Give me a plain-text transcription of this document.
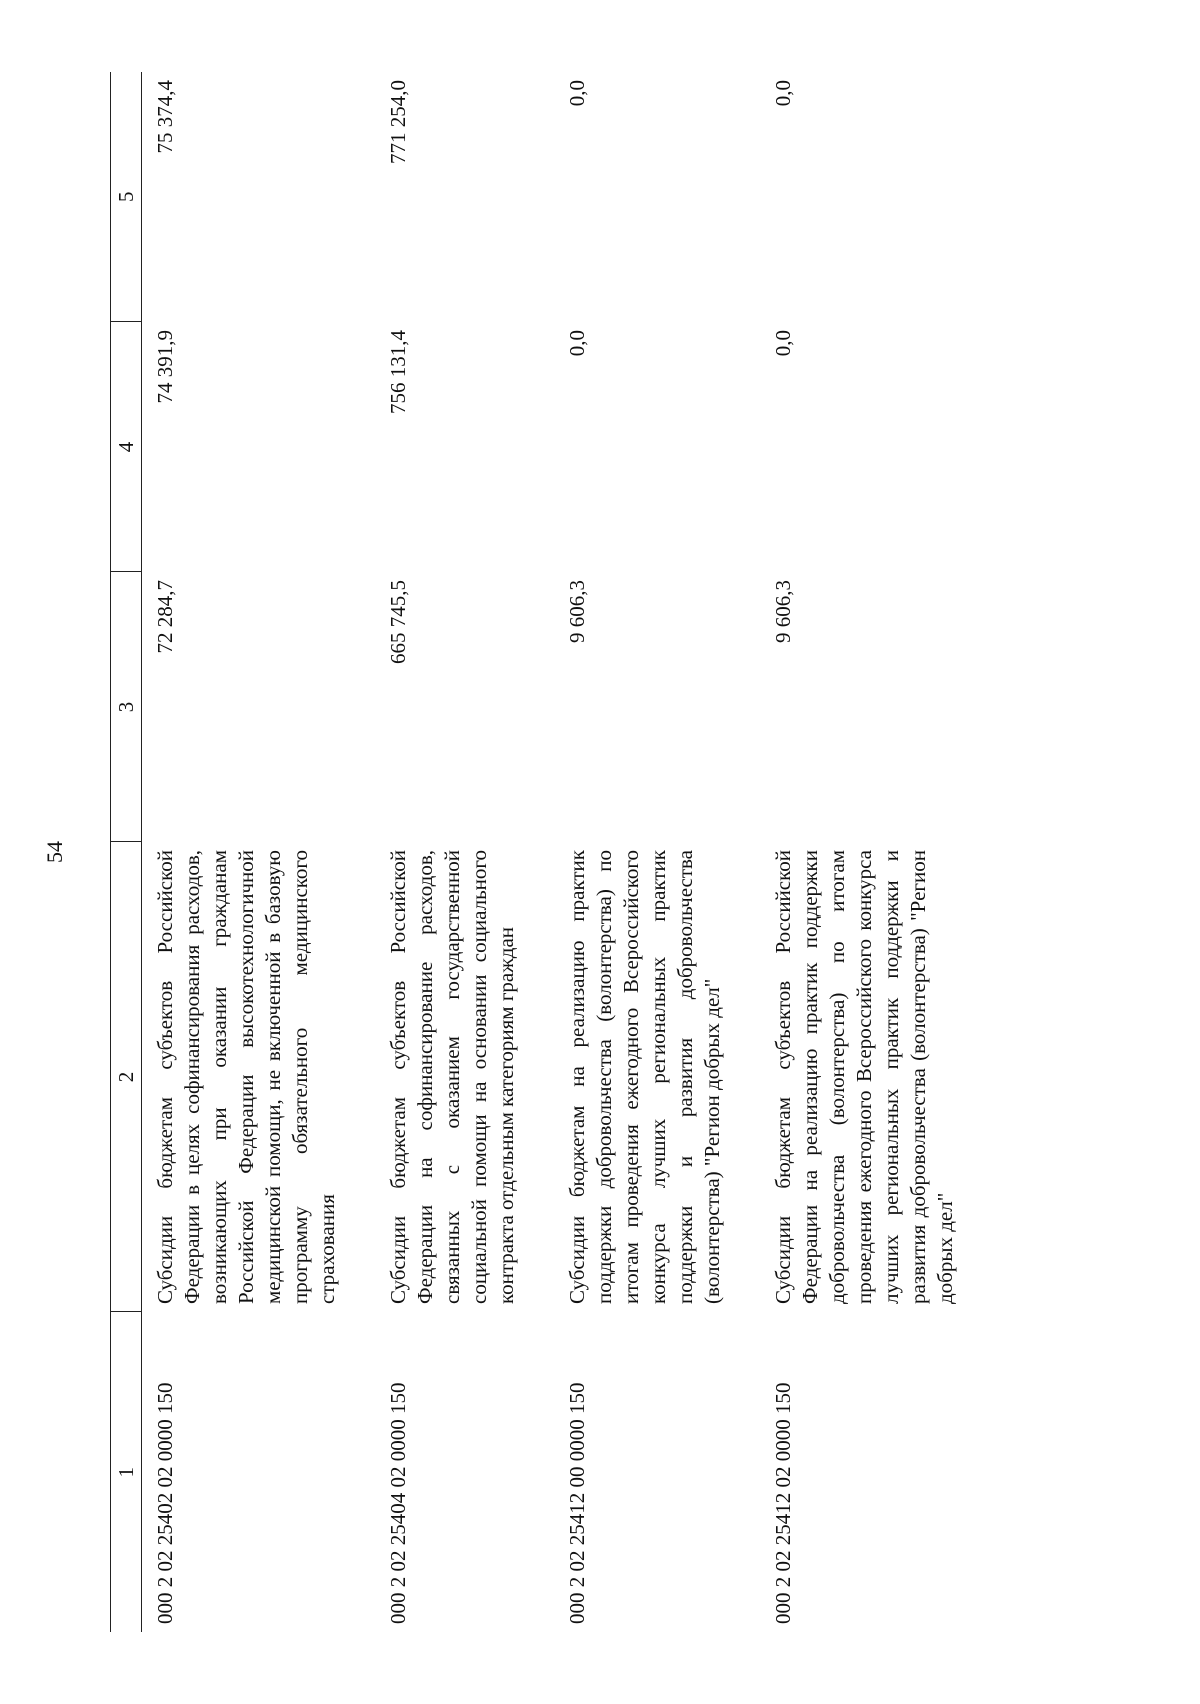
54
1	2	3	4	5
000 2 02 25402 02 0000 150	Субсидии бюджетам субъектов Российской Федерации в целях софинансирования расходов, возникающих при оказании гражданам Российской Федерации высокотехнологичной медицинской помощи, не включенной в базовую программу обязательного медицинского страхования	72 284,7	74 391,9	75 374,4
000 2 02 25404 02 0000 150	Субсидии бюджетам субъектов Российской Федерации на софинансирование расходов, связанных с оказанием государственной социальной помощи на основании социального контракта отдельным категориям граждан	665 745,5	756 131,4	771 254,0
000 2 02 25412 00 0000 150	Субсидии бюджетам на реализацию практик поддержки добровольчества (волонтерства) по итогам проведения ежегодного Всероссийского конкурса лучших региональных практик поддержки и развития добровольчества (волонтерства) "Регион добрых дел"	9 606,3	0,0	0,0
000 2 02 25412 02 0000 150	Субсидии бюджетам субъектов Российской Федерации на реализацию практик поддержки добровольчества (волонтерства) по итогам проведения ежегодного Всероссийского конкурса лучших региональных практик поддержки и развития добровольчества (волонтерства) "Регион добрых дел"	9 606,3	0,0	0,0
